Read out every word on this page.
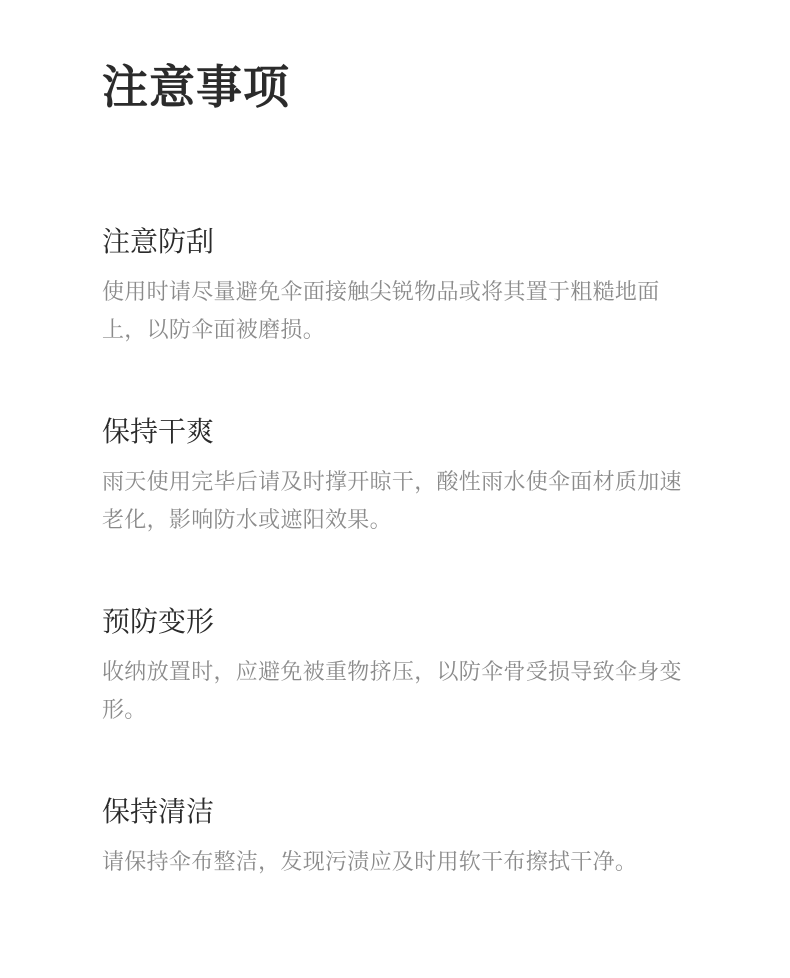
注意事项
注意防刮

使用时请尽量避免伞面接触尖锐物品或将其置于粗糙地面上，以防伞面被磨损。

保持干爽

雨天使用完毕后请及时撑开晾干，酸性雨水使伞面材质加速老化，影响防水或遮阳效果。

预防变形

收纳放置时，应避免被重物挤压，以防伞骨受损导致伞身变形。

保持清洁

请保持伞布整洁，发现污渍应及时用软干布擦拭干净。
